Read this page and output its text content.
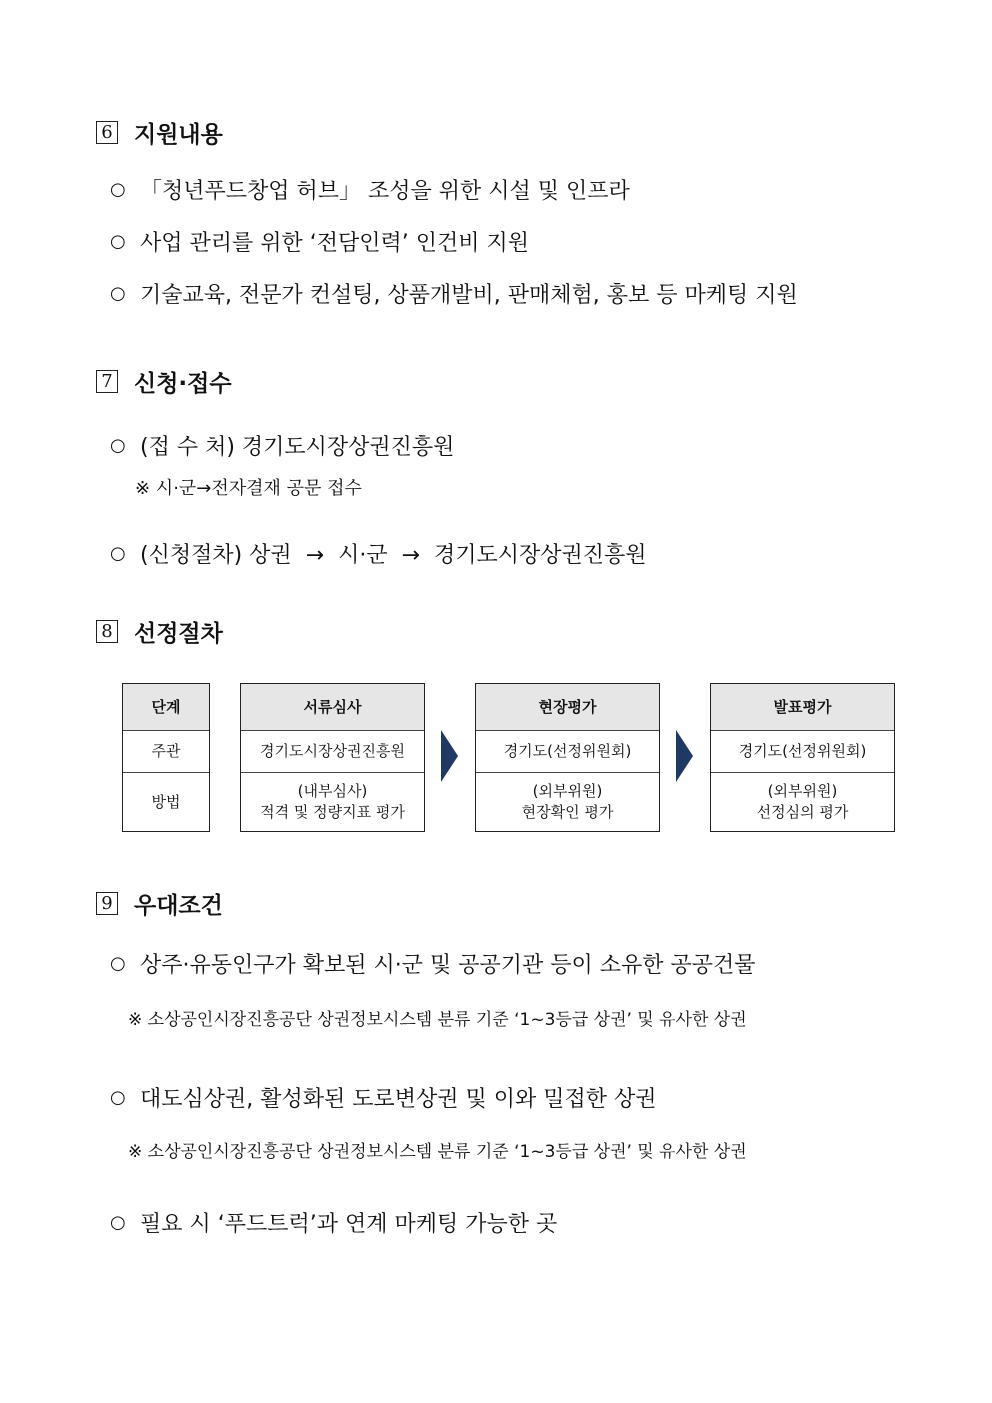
6 지원내용
○ 「청년푸드창업 허브」 조성을 위한 시설 및 인프라
○ 사업 관리를 위한 ‘전담인력’ 인건비 지원
○ 기술교육, 전문가 컨설팅, 상품개발비, 판매체험, 홍보 등 마케팅 지원
7 신청·접수
○ (접 수 처) 경기도시장상권진흥원
※ 시·군→전자결재 공문 접수
○ (신청절차) 상권  →  시·군  →  경기도시장상권진흥원
8 선정절차
단계
주관
방법
서류심사
경기도시장상권진흥원
(내부심사)
적격 및 정량지표 평가
현장평가
경기도(선정위원회)
(외부위원)
현장확인 평가
발표평가
경기도(선정위원회)
(외부위원)
선정심의 평가
9 우대조건
○ 상주·유동인구가 확보된 시·군 및 공공기관 등이 소유한 공공건물
※ 소상공인시장진흥공단 상권정보시스템 분류 기준 ‘1~3등급 상권’ 및 유사한 상권
○ 대도심상권, 활성화된 도로변상권 및 이와 밀접한 상권
※ 소상공인시장진흥공단 상권정보시스템 분류 기준 ‘1~3등급 상권’ 및 유사한 상권
○ 필요 시 ‘푸드트럭’과 연계 마케팅 가능한 곳
